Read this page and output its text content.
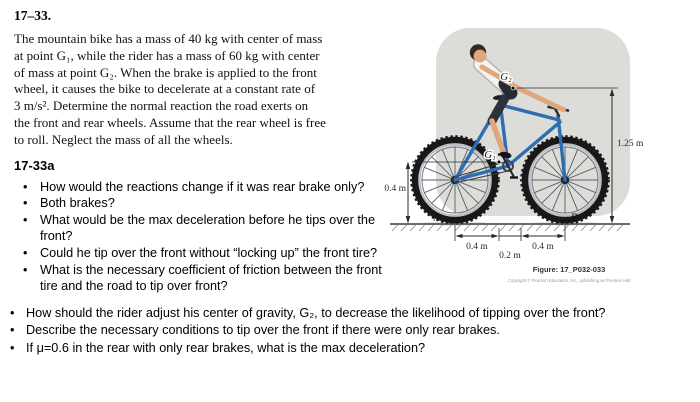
17–33.
The mountain bike has a mass of 40 kg with center of mass
at point G₁, while the rider has a mass of 60 kg with center
of mass at point G₂. When the brake is applied to the front
wheel, it causes the bike to decelerate at a constant rate of
3 m/s². Determine the normal reaction the road exerts on
the front and rear wheels. Assume that the rear wheel is free
to roll. Neglect the mass of all the wheels.
17-33a
• How would the reactions change if it was rear brake only?
• Both brakes?
• What would be the max deceleration before he tips over the front?
• Could he tip over the front without “locking up” the front tire?
• What is the necessary coefficient of friction between the front tire and the road to tip over front?
• How should the rider adjust his center of gravity, G₂, to decrease the likelihood of tipping over the front?
• Describe the necessary conditions to tip over the front if there were only rear brakes.
• If μ=0.6 in the rear with only rear brakes, what is the max deceleration?
1.25 m
0.4 m
0.4 m
0.2 m
0.4 m
G₂
G₁
A	B
Figure: 17_P032-033
Copyright © Pearson Education, Inc., publishing as Prentice Hall
